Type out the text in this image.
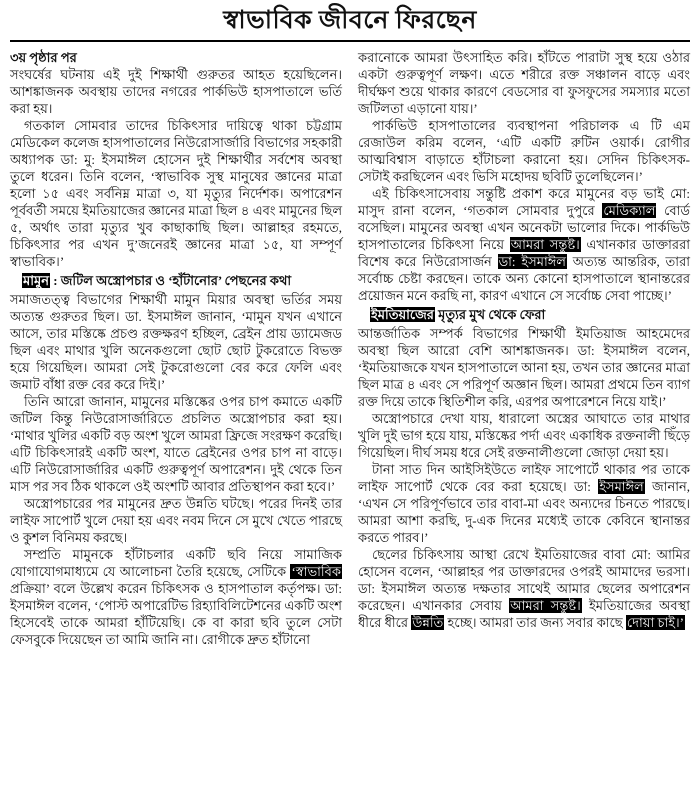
স্বাভাবিক জীবনে ফিরছেন

৩য় পৃষ্ঠার পর

সংঘর্ষের ঘটনায় এই দুই শিক্ষার্থী গুরুতর আহত হয়েছিলেন। আশঙ্কাজনক অবস্থায় তাদের নগরের পার্কভিউ হাসপাতালে ভর্তি করা হয়।

গতকাল সোমবার তাদের চিকিৎসার দায়িত্বে থাকা চট্টগ্রাম মেডিকেল কলেজ হাসপাতালের নিউরোসার্জারি বিভাগের সহকারী অধ্যাপক ডা: মু: ইসমাঈল হোসেন দুই শিক্ষার্থীর সর্বশেষ অবস্থা তুলে ধরেন। তিনি বলেন, ‘স্বাভাবিক সুস্থ মানুষের জ্ঞানের মাত্রা হলো ১৫ এবং সর্বনিম্ন মাত্রা ৩, যা মৃত্যুর নির্দেশক। অপারেশন পূর্ববর্তী সময়ে ইমতিয়াজের জ্ঞানের মাত্রা ছিল ৪ এবং মামুনের ছিল ৫, অর্থাৎ তারা মৃত্যুর খুব কাছাকাছি ছিল। আল্লাহর রহমতে, চিকিৎসার পর এখন দু’জনেরই জ্ঞানের মাত্রা ১৫, যা সম্পূর্ণ স্বাভাবিক।’

মামুন : জটিল অস্ত্রোপচার ও ‘হাঁটানোর’ পেছনের কথা

সমাজতত্ত্ব বিভাগের শিক্ষার্থী মামুন মিয়ার অবস্থা ভর্তির সময় অত্যন্ত গুরুতর ছিল। ডা. ইসমাঈল জানান, ‘মামুন যখন এখানে আসে, তার মস্তিষ্কে প্রচণ্ড রক্তক্ষরণ হচ্ছিল, ব্রেইন প্রায় ড্যামেজড ছিল এবং মাথার খুলি অনেকগুলো ছোট ছোট টুকরোতে বিভক্ত হয়ে গিয়েছিল। আমরা সেই টুকরোগুলো বের করে ফেলি এবং জমাট বাঁধা রক্ত বের করে দিই।’

তিনি আরো জানান, মামুনের মস্তিষ্কের ওপর চাপ কমাতে একটি জটিল কিন্তু নিউরোসার্জারিতে প্রচলিত অস্ত্রোপচার করা হয়। ‘মাথার খুলির একটি বড় অংশ খুলে আমরা ফ্রিজে সংরক্ষণ করেছি। এটি চিকিৎসারই একটি অংশ, যাতে ব্রেইনের ওপর চাপ না বাড়ে। এটি নিউরোসার্জারির একটি গুরুত্বপূর্ণ অপারেশন। দুই থেকে তিন মাস পর সব ঠিক থাকলে ওই অংশটি আবার প্রতিস্থাপন করা হবে।’

অস্ত্রোপচারের পর মামুনের দ্রুত উন্নতি ঘটছে। পরের দিনই তার লাইফ সাপোর্ট খুলে দেয়া হয় এবং নবম দিনে সে মুখে খেতে পারছে ও কুশল বিনিময় করছে।

সম্প্রতি মামুনকে হাঁটাচলার একটি ছবি নিয়ে সামাজিক যোগাযোগমাধ্যমে যে আলোচনা তৈরি হয়েছে, সেটিকে ‘স্বাভাবিক প্রক্রিয়া’ বলে উল্লেখ করেন চিকিৎসক ও হাসপাতাল কর্তৃপক্ষ। ডা: ইসমাঈল বলেন, ‘পোস্ট অপারেটিভ রিহ্যাবিলিটেশনের একটি অংশ হিসেবেই তাকে আমরা হাঁটিয়েছি। কে বা কারা ছবি তুলে সেটা ফেসবুকে দিয়েছেন তা আমি জানি না। রোগীকে দ্রুত হাঁটানো

করানোকে আমরা উৎসাহিত করি। হাঁটতে পারাটা সুস্থ হয়ে ওঠার একটা গুরুত্বপূর্ণ লক্ষণ। এতে শরীরে রক্ত সঞ্চালন বাড়ে এবং দীর্ঘক্ষণ শুয়ে থাকার কারণে বেডসোর বা ফুসফুসের সমস্যার মতো জটিলতা এড়ানো যায়।’

পার্কভিউ হাসপাতালের ব্যবস্থাপনা পরিচালক এ টি এম রেজাউল করিম বলেন, ‘এটি একটি রুটিন ওয়ার্ক। রোগীর আত্মবিশ্বাস বাড়াতে হাঁটাচলা করানো হয়। সেদিন চিকিৎসক- সেটাই করছিলেন এবং ভিসি মহোদয় ছবিটি তুলেছিলেন।’

এই চিকিৎসাসেবায় সন্তুষ্টি প্রকাশ করে মামুনের বড় ভাই মো: মাসুদ রানা বলেন, ‘গতকাল সোমবার দুপুরে মেডিক্যাল বোর্ড বসেছিল। মামুনের অবস্থা এখন অনেকটা ভালোর দিকে। পার্কভিউ হাসপাতালের চিকিৎসা নিয়ে আমরা সন্তুষ্ট। এখানকার ডাক্তাররা বিশেষ করে নিউরোসার্জন ডা: ইসমাঈল অত্যন্ত আন্তরিক, তারা সর্বোচ্চ চেষ্টা করছেন। তাকে অন্য কোনো হাসপাতালে স্থানান্তরের প্রয়োজন মনে করছি না, কারণ এখানে সে সর্বোচ্চ সেবা পাচ্ছে।’

ইমতিয়াজের মৃত্যুর মুখ থেকে ফেরা

আন্তর্জাতিক সম্পর্ক বিভাগের শিক্ষার্থী ইমতিয়াজ আহমেদের অবস্থা ছিল আরো বেশি আশঙ্কাজনক। ডা: ইসমাঈল বলেন, ‘ইমতিয়াজকে যখন হাসপাতালে আনা হয়, তখন তার জ্ঞানের মাত্রা ছিল মাত্র ৪ এবং সে পরিপূর্ণ অজ্ঞান ছিল। আমরা প্রথমে তিন ব্যাগ রক্ত দিয়ে তাকে স্থিতিশীল করি, এরপর অপারেশনে নিয়ে যাই।’

অস্ত্রোপচারে দেখা যায়, ধারালো অস্ত্রের আঘাতে তার মাথার খুলি দুই ভাগ হয়ে যায়, মস্তিষ্কের পর্দা এবং একাধিক রক্তনালী ছিঁড়ে গিয়েছিল। দীর্ঘ সময় ধরে সেই রক্তনালীগুলো জোড়া দেয়া হয়।

টানা সাত দিন আইসিইউতে লাইফ সাপোর্টে থাকার পর তাকে লাইফ সাপোর্ট থেকে বের করা হয়েছে। ডা: ইসমাঈল জানান, ‘এখন সে পরিপূর্ণভাবে তার বাবা-মা এবং অন্যদের চিনতে পারছে। আমরা আশা করছি, দু-এক দিনের মধ্যেই তাকে কেবিনে স্থানান্তর করতে পারব।’

ছেলের চিকিৎসায় আস্থা রেখে ইমতিয়াজের বাবা মো: আমির হোসেন বলেন, ‘আল্লাহর পর ডাক্তারদের ওপরই আমাদের ভরসা। ডা: ইসমাঈল অত্যন্ত দক্ষতার সাথেই আমার ছেলের অপারেশন করেছেন। এখানকার সেবায় আমরা সন্তুষ্ট। ইমতিয়াজের অবস্থা ধীরে ধীরে উন্নতি হচ্ছে। আমরা তার জন্য সবার কাছে দোয়া চাই।’
